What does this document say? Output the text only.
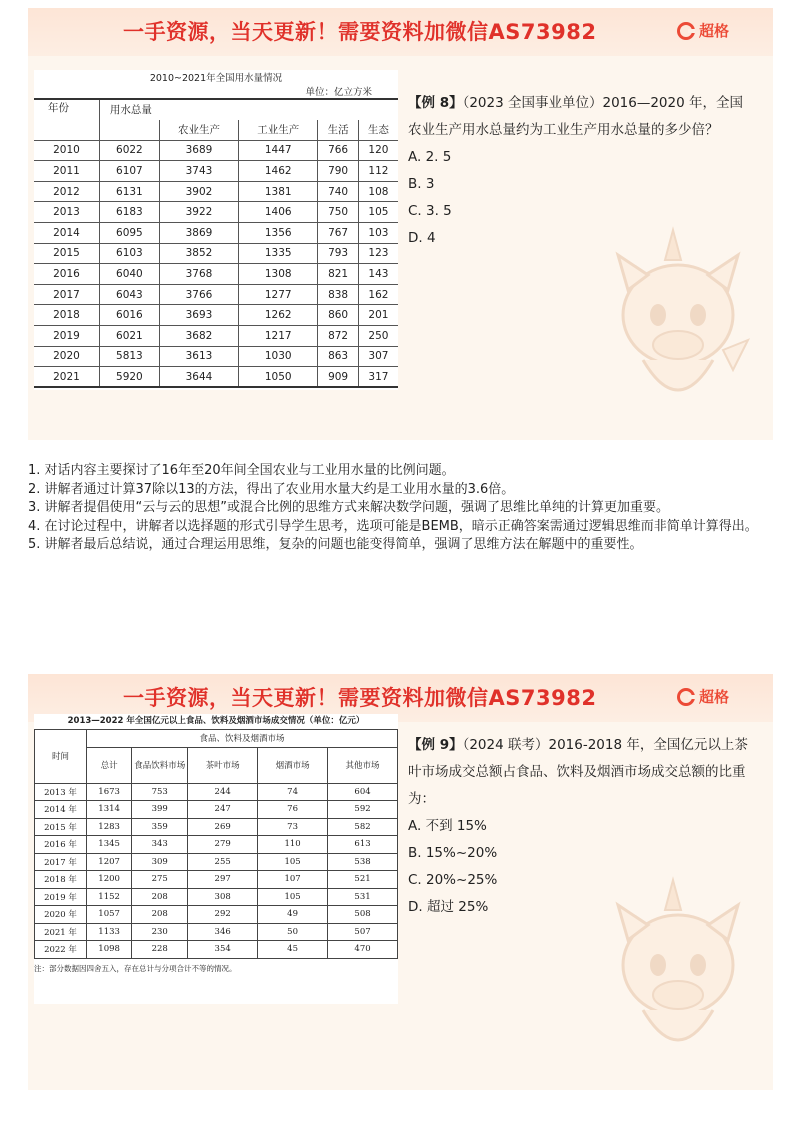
一手资源，当天更新！需要资料加微信AS73982	超格
2010~2021年全国用水量情况
单位：亿立方米
年份	用水总量				
		农业生产	工业生产	生活	生态
2010	6022	3689	1447	766	120
2011	6107	3743	1462	790	112
2012	6131	3902	1381	740	108
2013	6183	3922	1406	750	105
2014	6095	3869	1356	767	103
2015	6103	3852	1335	793	123
2016	6040	3768	1308	821	143
2017	6043	3766	1277	838	162
2018	6016	3693	1262	860	201
2019	6021	3682	1217	872	250
2020	5813	3613	1030	863	307
2021	5920	3644	1050	909	317
【例 8】（2023 全国事业单位）2016—2020 年，全国农业生产用水总量约为工业生产用水总量的多少倍？
A. 2. 5
B. 3
C. 3. 5
D. 4

1. 对话内容主要探讨了16年至20年间全国农业与工业用水量的比例问题。

2. 讲解者通过计算37除以13的方法，得出了农业用水量大约是工业用水量的3.6倍。

3. 讲解者提倡使用“云与云的思想”或混合比例的思维方式来解决数学问题，强调了思维比单纯的计算更加重要。

4. 在讨论过程中，讲解者以选择题的形式引导学生思考，选项可能是BEMB，暗示正确答案需通过逻辑思维而非简单计算得出。

5. 讲解者最后总结说，通过合理运用思维，复杂的问题也能变得简单，强调了思维方法在解题中的重要性。

一手资源，当天更新！需要资料加微信AS73982	超格
2013—2022 年全国亿元以上食品、饮料及烟酒市场成交情况（单位：亿元）
时间	食品、饮料及烟酒市场				
	总计	食品饮料市场	茶叶市场	烟酒市场	其他市场
2013 年	1673	753	244	74	604
2014 年	1314	399	247	76	592
2015 年	1283	359	269	73	582
2016 年	1345	343	279	110	613
2017 年	1207	309	255	105	538
2018 年	1200	275	297	107	521
2019 年	1152	208	308	105	531
2020 年	1057	208	292	49	508
2021 年	1133	230	346	50	507
2022 年	1098	228	354	45	470
注：部分数据因四舍五入，存在总计与分项合计不等的情况。
【例 9】（2024 联考）2016-2018 年，全国亿元以上茶叶市场成交总额占食品、饮料及烟酒市场成交总额的比重为：
A. 不到 15%
B. 15%~20%
C. 20%~25%
D. 超过 25%
